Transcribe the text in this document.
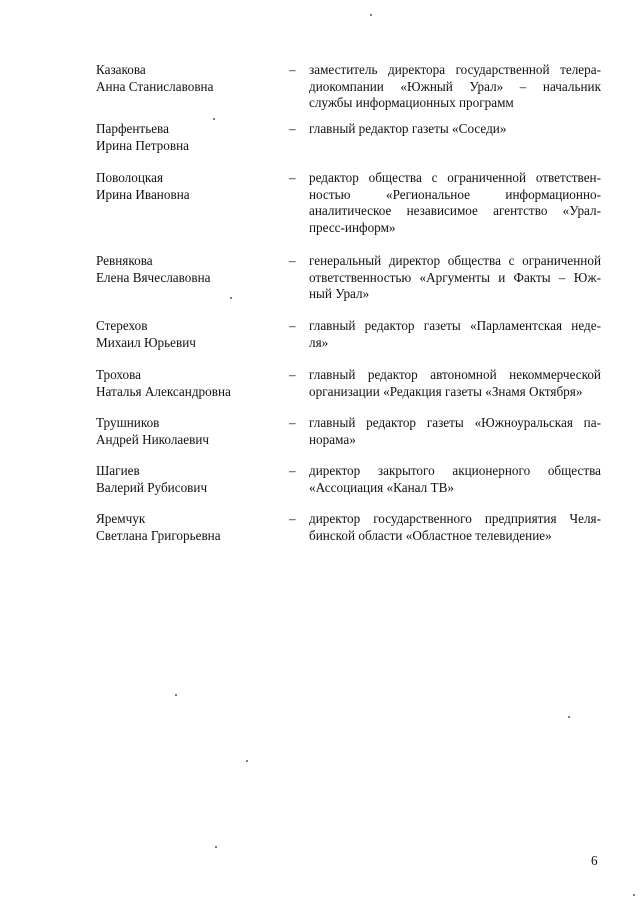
Казакова
Анна Станиславовна
– заместитель директора государственной телера-
диокомпании «Южный Урал» – начальник
службы информационных программ
Парфентьева
Ирина Петровна
– главный редактор газеты «Соседи»
Поволоцкая
Ирина Ивановна
– редактор общества с ограниченной ответствен-
ностью «Региональное информационно-
аналитическое независимое агентство «Урал-
пресс-информ»
Ревнякова
Елена Вячеславовна
– генеральный директор общества с ограниченной
ответственностью «Аргументы и Факты – Юж-
ный Урал»
Стерехов
Михаил Юрьевич
– главный редактор газеты «Парламентская неде-
ля»
Трохова
Наталья Александровна
– главный редактор автономной некоммерческой
организации «Редакция газеты «Знамя Октября»
Трушников
Андрей Николаевич
– главный редактор газеты «Южноуральская па-
норама»
Шагиев
Валерий Рубисович
– директор закрытого акционерного общества
«Ассоциация «Канал ТВ»
Яремчук
Светлана Григорьевна
– директор государственного предприятия Челя-
бинской области «Областное телевидение»
6
